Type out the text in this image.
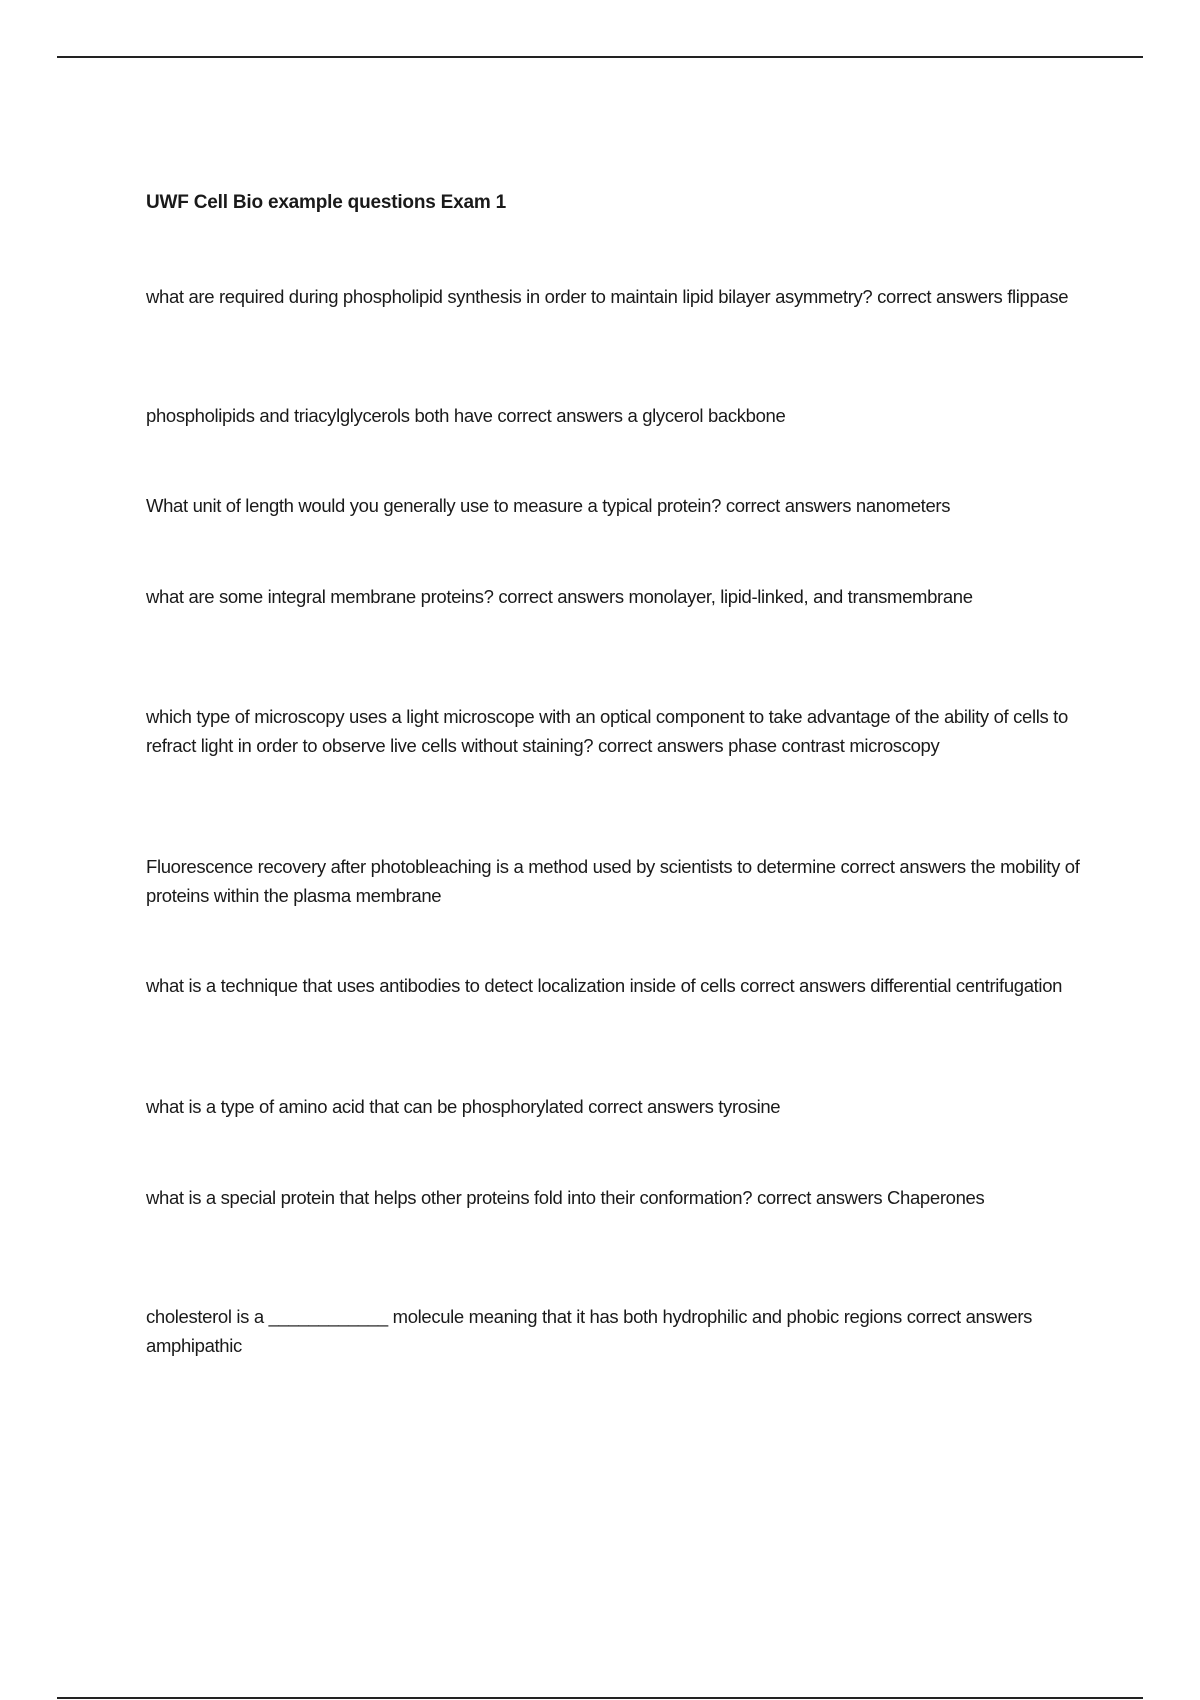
UWF Cell Bio example questions Exam 1

what are required during phospholipid synthesis in order to maintain lipid bilayer asymmetry? correct answers flippase

phospholipids and triacylglycerols both have correct answers a glycerol backbone

What unit of length would you generally use to measure a typical protein? correct answers nanometers

what are some integral membrane proteins? correct answers monolayer, lipid-linked, and transmembrane

which type of microscopy uses a light microscope with an optical component to take advantage of the ability of cells to refract light in order to observe live cells without staining? correct answers phase contrast microscopy

Fluorescence recovery after photobleaching is a method used by scientists to determine correct answers the mobility of proteins within the plasma membrane

what is a technique that uses antibodies to detect localization inside of cells correct answers differential centrifugation

what is a type of amino acid that can be phosphorylated correct answers tyrosine

what is a special protein that helps other proteins fold into their conformation? correct answers Chaperones

cholesterol is a ____________ molecule meaning that it has both hydrophilic and phobic regions correct answers amphipathic
